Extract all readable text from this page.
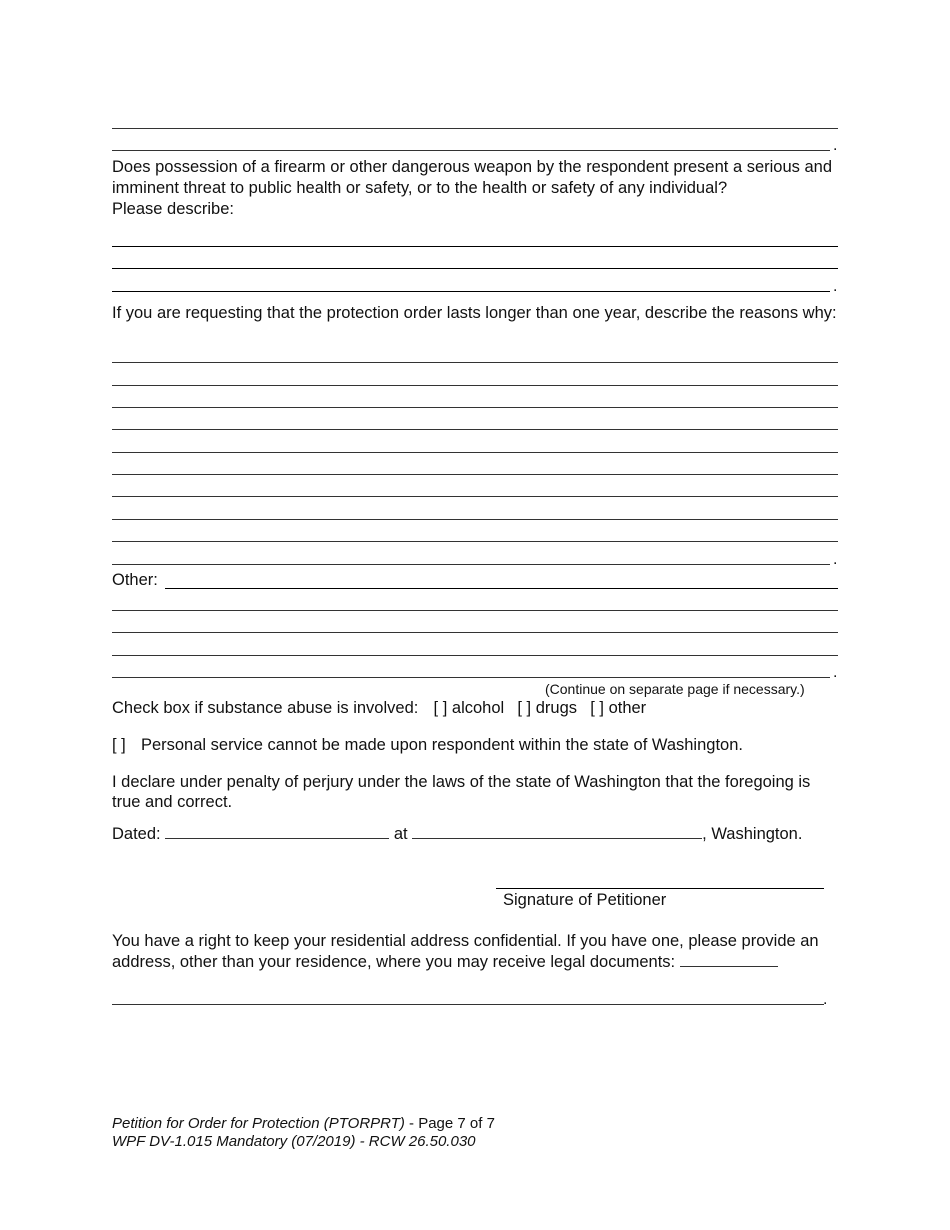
.
Does possession of a firearm or other dangerous weapon by the respondent present a serious and imminent threat to public health or safety, or to the health or safety of any individual?
Please describe:
.
If you are requesting that the protection order lasts longer than one year, describe the reasons why:
.
Other:
.
(Continue on separate page if necessary.)
Check box if substance abuse is involved: [ ] alcohol [ ] drugs [ ] other
[ ] Personal service cannot be made upon respondent within the state of Washington.
I declare under penalty of perjury under the laws of the state of Washington that the foregoing is true and correct.
Dated:	at	, Washington.
Signature of Petitioner
You have a right to keep your residential address confidential. If you have one, please provide an address, other than your residence, where you may receive legal documents:
.
Petition for Order for Protection (PTORPRT) - Page 7 of 7
WPF DV-1.015 Mandatory (07/2019) - RCW 26.50.030
